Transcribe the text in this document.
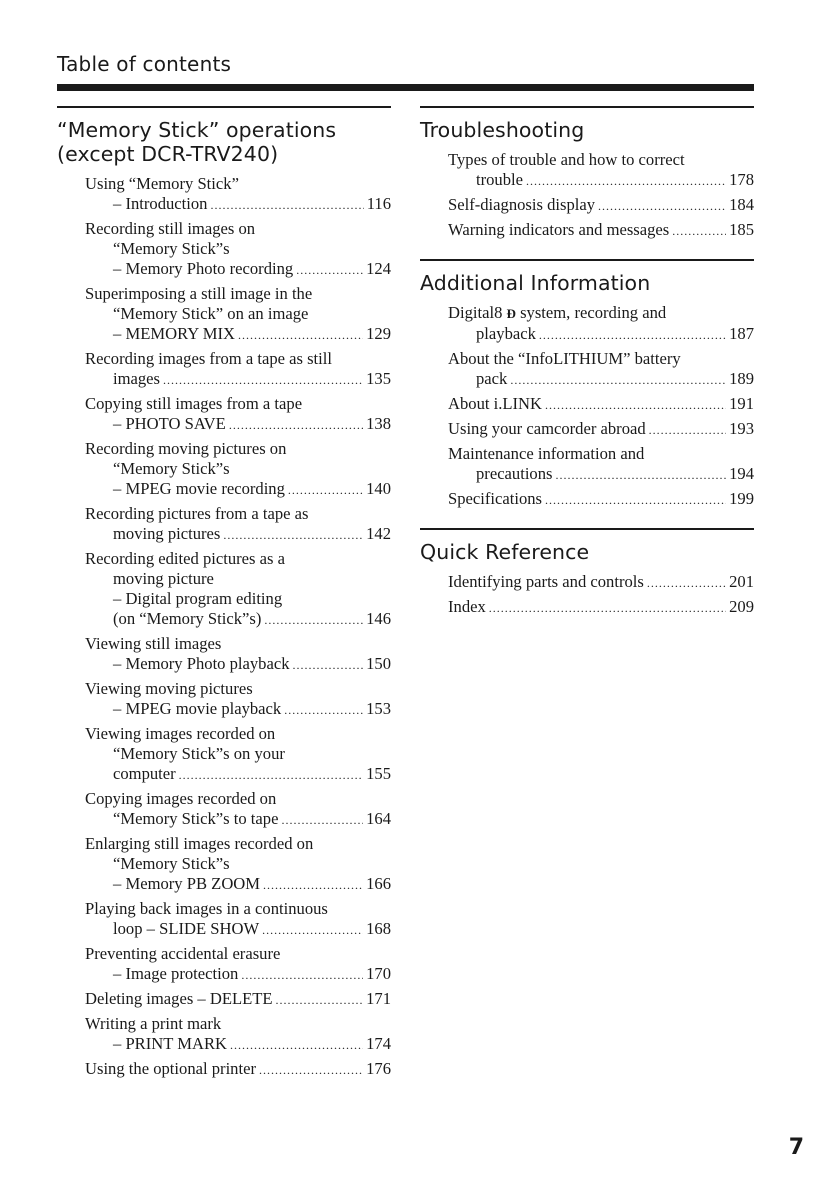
Table of contents
“Memory Stick” operations
(except DCR-TRV240)
Using “Memory Stick”
– Introduction .....	116
Recording still images on
“Memory Stick”s
– Memory Photo recording .....	124
Superimposing a still image in the
“Memory Stick” on an image
– MEMORY MIX .....	129
Recording images from a tape as still
images .....	135
Copying still images from a tape
– PHOTO SAVE .....	138
Recording moving pictures on
“Memory Stick”s
– MPEG movie recording .....	140
Recording pictures from a tape as
moving pictures .....	142
Recording edited pictures as a
moving picture
– Digital program editing
(on “Memory Stick”s) .....	146
Viewing still images
– Memory Photo playback .....	150
Viewing moving pictures
– MPEG movie playback .....	153
Viewing images recorded on
“Memory Stick”s on your
computer .....	155
Copying images recorded on
“Memory Stick”s to tape .....	164
Enlarging still images recorded on
“Memory Stick”s
– Memory PB ZOOM .....	166
Playing back images in a continuous
loop – SLIDE SHOW .....	168
Preventing accidental erasure
– Image protection .....	170
Deleting images – DELETE .....	171
Writing a print mark
– PRINT MARK .....	174
Using the optional printer .....	176
Troubleshooting
Types of trouble and how to correct
trouble .....	178
Self-diagnosis display .....	184
Warning indicators and messages .....	185
Additional Information
Digital8 Ð system, recording and
playback .....	187
About the “InfoLITHIUM” battery
pack .....	189
About i.LINK .....	191
Using your camcorder abroad .....	193
Maintenance information and
precautions .....	194
Specifications .....	199
Quick Reference
Identifying parts and controls .....	201
Index .....	209
7
